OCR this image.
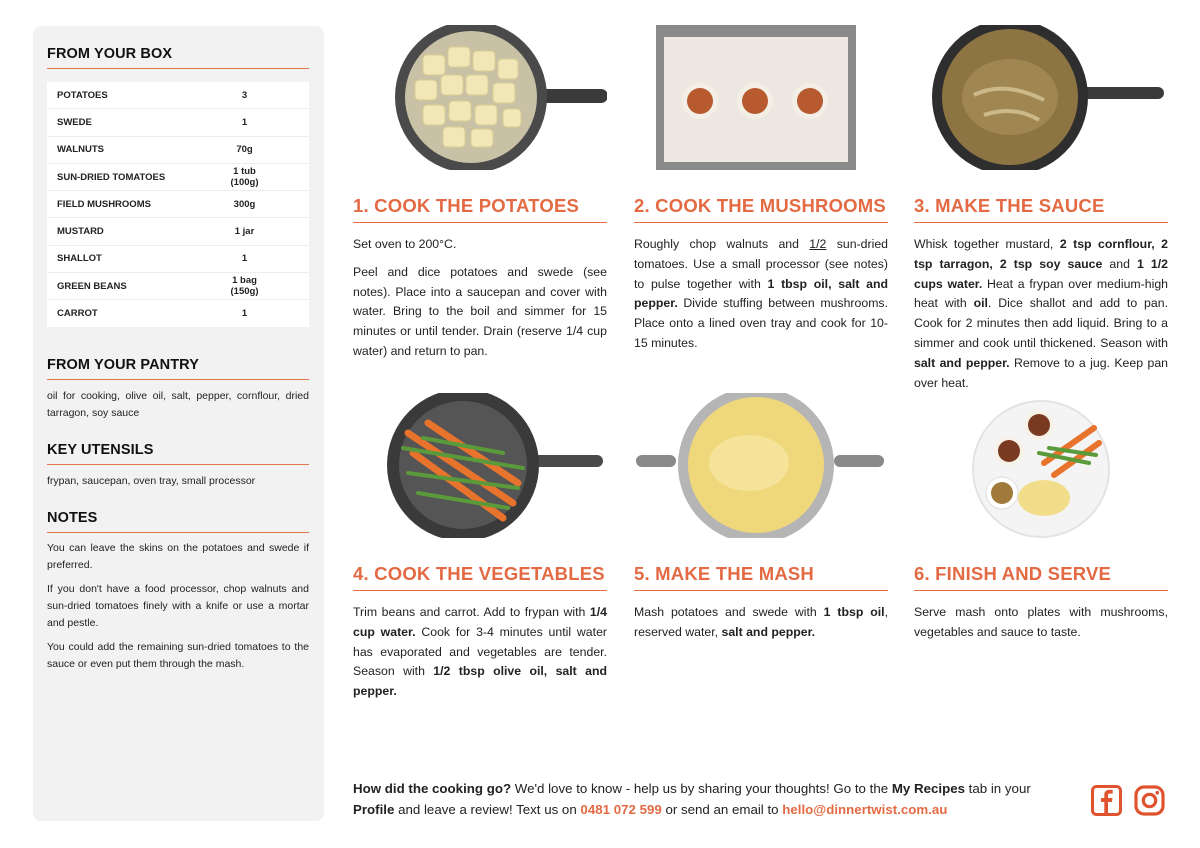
FROM YOUR BOX
POTATOES	3
SWEDE	1
WALNUTS	70g
SUN-DRIED TOMATOES	1 tub (100g)
FIELD MUSHROOMS	300g
MUSTARD	1 jar
SHALLOT	1
GREEN BEANS	1 bag (150g)
CARROT	1
FROM YOUR PANTRY
oil for cooking, olive oil, salt, pepper, cornflour, dried tarragon, soy sauce
KEY UTENSILS
frypan, saucepan, oven tray, small processor
NOTES
You can leave the skins on the potatoes and swede if preferred.
If you don't have a food processor, chop walnuts and sun-dried tomatoes finely with a knife or use a mortar and pestle.
You could add the remaining sun-dried tomatoes to the sauce or even put them through the mash.
1. COOK THE POTATOES

Set oven to 200°C.

Peel and dice potatoes and swede (see notes). Place into a saucepan and cover with water. Bring to the boil and simmer for 15 minutes or until tender. Drain (reserve 1/4 cup water) and return to pan.

2. COOK THE MUSHROOMS

Roughly chop walnuts and 1/2 sun-dried tomatoes. Use a small processor (see notes) to pulse together with 1 tbsp oil, salt and pepper. Divide stuffing between mushrooms. Place onto a lined oven tray and cook for 10-15 minutes.

3. MAKE THE SAUCE

Whisk together mustard, 2 tsp cornflour, 2 tsp tarragon, 2 tsp soy sauce and 1 1/2 cups water. Heat a frypan over medium-high heat with oil. Dice shallot and add to pan. Cook for 2 minutes then add liquid. Bring to a simmer and cook until thickened. Season with salt and pepper. Remove to a jug. Keep pan over heat.

4. COOK THE VEGETABLES

Trim beans and carrot. Add to frypan with 1/4 cup water. Cook for 3-4 minutes until water has evaporated and vegetables are tender. Season with 1/2 tbsp olive oil, salt and pepper.

5. MAKE THE MASH

Mash potatoes and swede with 1 tbsp oil, reserved water, salt and pepper.

6. FINISH AND SERVE

Serve mash onto plates with mushrooms, vegetables and sauce to taste.

How did the cooking go? We'd love to know - help us by sharing your thoughts! Go to the My Recipes tab in your Profile and leave a review! Text us on 0481 072 599 or send an email to hello@dinnertwist.com.au
